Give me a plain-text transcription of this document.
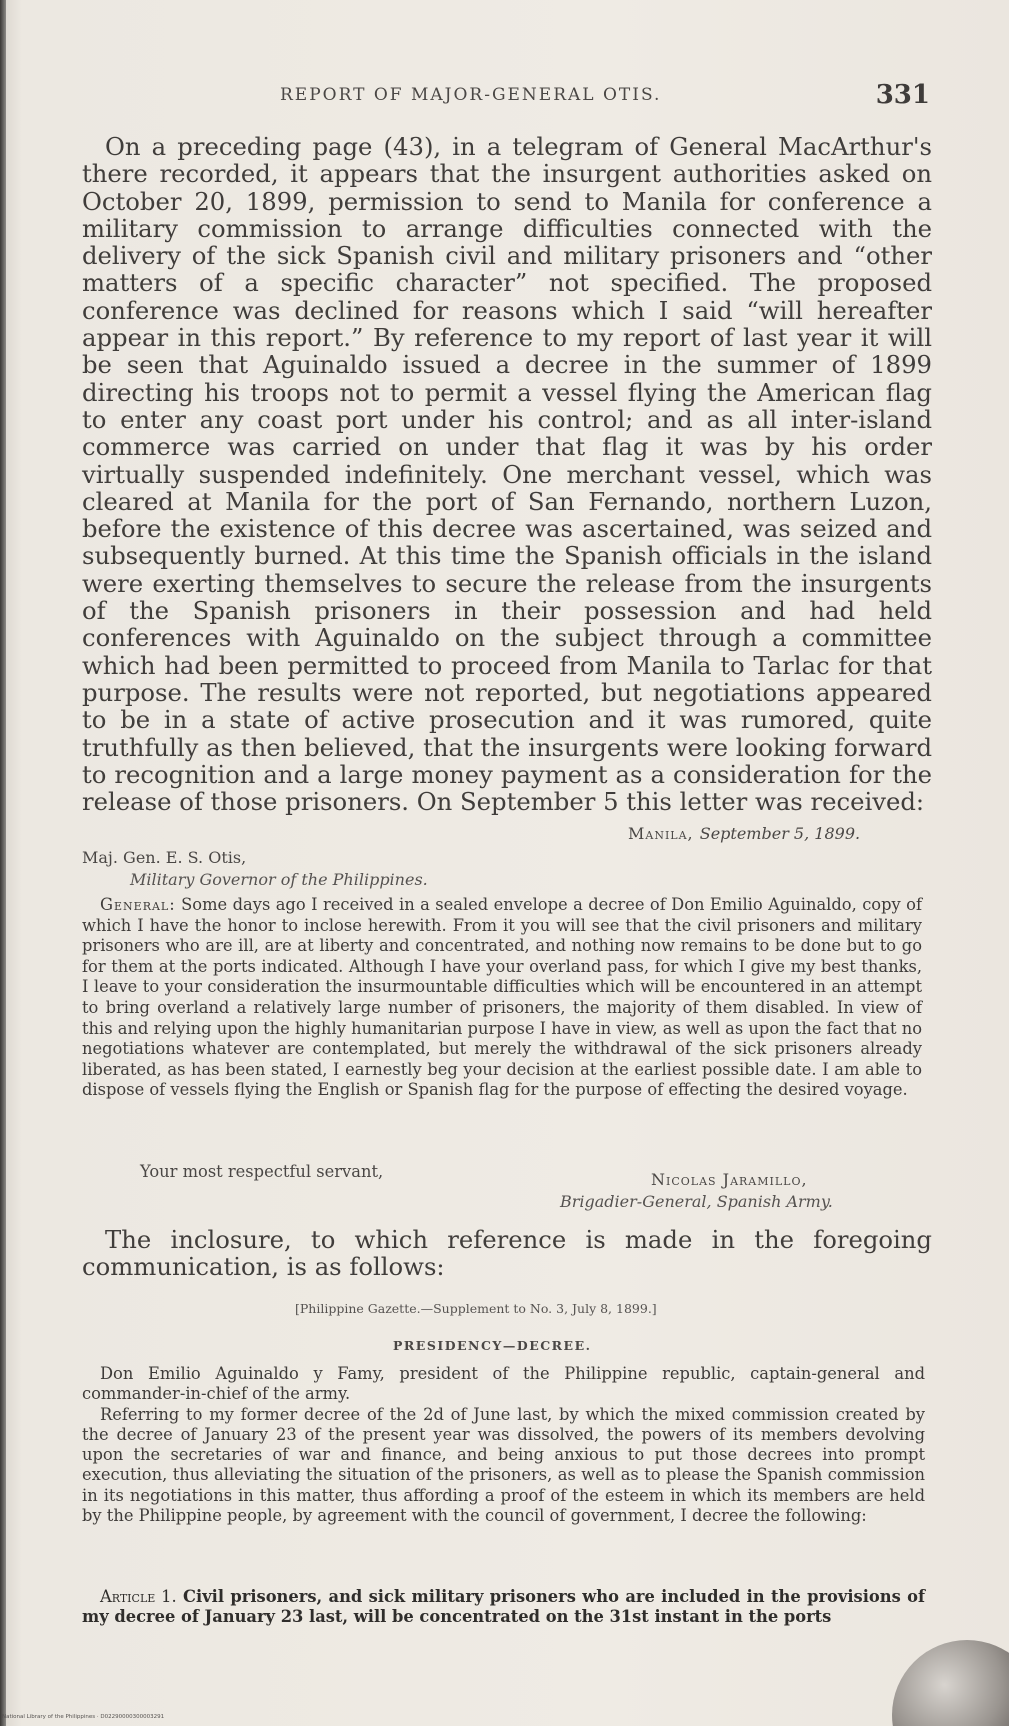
REPORT OF MAJOR-GENERAL OTIS.	331

On a preceding page (43), in a telegram of General MacArthur's there recorded, it appears that the insurgent authorities asked on October 20, 1899, permission to send to Manila for conference a military commission to arrange difficulties connected with the delivery of the sick Spanish civil and military prisoners and “other matters of a specific character” not specified. The proposed conference was declined for reasons which I said “will hereafter appear in this report.” By reference to my report of last year it will be seen that Aguinaldo issued a decree in the summer of 1899 directing his troops not to permit a vessel flying the American flag to enter any coast port under his control; and as all inter-island commerce was carried on under that flag it was by his order virtually suspended indefinitely. One merchant vessel, which was cleared at Manila for the port of San Fernando, northern Luzon, before the existence of this decree was ascertained, was seized and subsequently burned. At this time the Spanish officials in the island were exerting themselves to secure the release from the insurgents of the Spanish prisoners in their possession and had held conferences with Aguinaldo on the subject through a committee which had been permitted to proceed from Manila to Tarlac for that purpose. The results were not reported, but negotiations appeared to be in a state of active prosecution and it was rumored, quite truthfully as then believed, that the insurgents were looking forward to recognition and a large money payment as a consideration for the release of those prisoners. On September 5 this letter was received:

Manila, September 5, 1899.
Maj. Gen. E. S. Otis,
Military Governor of the Philippines.

General: Some days ago I received in a sealed envelope a decree of Don Emilio Aguinaldo, copy of which I have the honor to inclose herewith. From it you will see that the civil prisoners and military prisoners who are ill, are at liberty and concentrated, and nothing now remains to be done but to go for them at the ports indicated. Although I have your overland pass, for which I give my best thanks, I leave to your consideration the insurmountable difficulties which will be encountered in an attempt to bring overland a relatively large number of prisoners, the majority of them disabled. In view of this and relying upon the highly humanitarian purpose I have in view, as well as upon the fact that no negotiations whatever are contemplated, but merely the withdrawal of the sick prisoners already liberated, as has been stated, I earnestly beg your decision at the earliest possible date. I am able to dispose of vessels flying the English or Spanish flag for the purpose of effecting the desired voyage.

Your most respectful servant,	Nicolas Jaramillo,
Brigadier-General, Spanish Army.

The inclosure, to which reference is made in the foregoing communication, is as follows:

[Philippine Gazette.—Supplement to No. 3, July 8, 1899.]
PRESIDENCY—DECREE.

Don Emilio Aguinaldo y Famy, president of the Philippine republic, captain-general and commander-in-chief of the army.

Referring to my former decree of the 2d of June last, by which the mixed commission created by the decree of January 23 of the present year was dissolved, the powers of its members devolving upon the secretaries of war and finance, and being anxious to put those decrees into prompt execution, thus alleviating the situation of the prisoners, as well as to please the Spanish commission in its negotiations in this matter, thus affording a proof of the esteem in which its members are held by the Philippine people, by agreement with the council of government, I decree the following:

Article 1. Civil prisoners, and sick military prisoners who are included in the provisions of my decree of January 23 last, will be concentrated on the 31st instant in the ports

National Library of the Philippines · D02290000300003291
